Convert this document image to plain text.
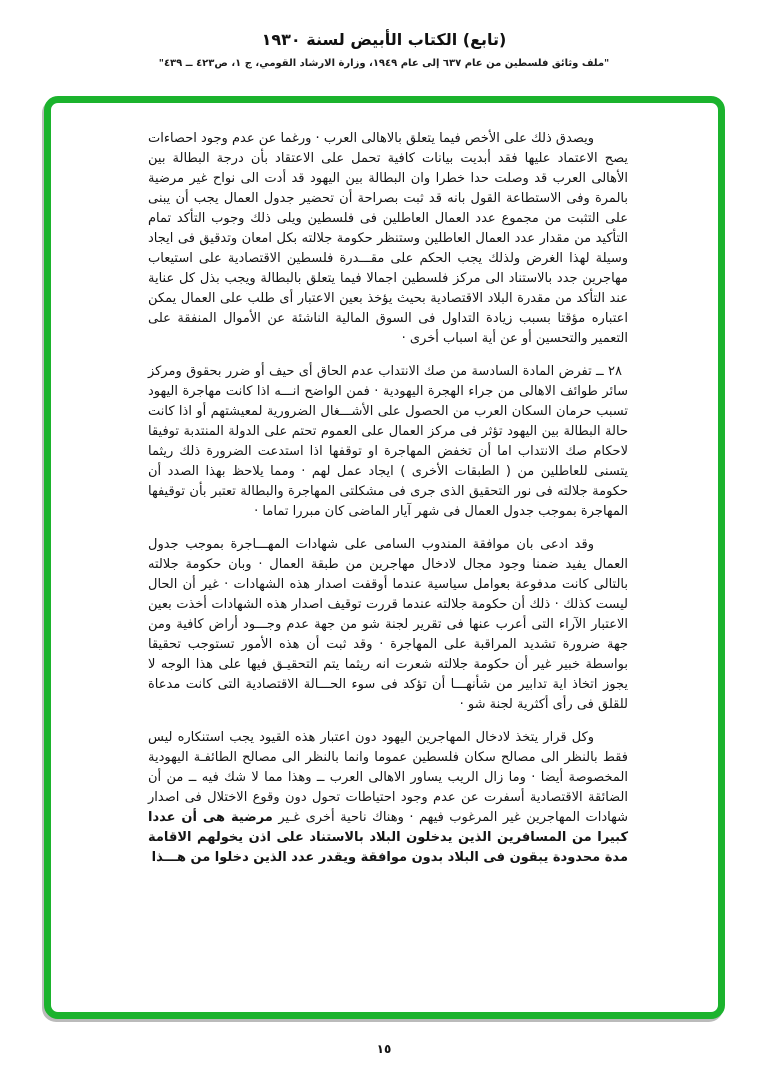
(تابع) الكتاب الأبيض لسنة ١٩٣٠
"ملف وثائق فلسطين من عام ٦٣٧ إلى عام ١٩٤٩، وزارة الارشاد القومي، ج ١، ص٤٢٣ ــ ٤٣٩"

ويصدق ذلك على الأخص فيما يتعلق بالاهالى العرب · ورغما عن عدم وجود احصاءات يصح الاعتماد عليها فقد أبديت بيانات كافية تحمل على الاعتقاد بأن درجة البطالة بين الأهالى العرب قد وصلت حدا خطرا وان البطالة بين اليهود قد أدت الى نواح غير مرضية بالمرة وفى الاستطاعة القول بانه قد ثبت بصراحة أن تحضير جدول العمال يجب أن يبنى على التثبت من مجموع عدد العمال العاطلين فى فلسطين ويلى ذلك وجوب التأكد تمام التأكيد من مقدار عدد العمال العاطلين وستنظر حكومة جلالته بكل امعان وتدقيق فى ايجاد وسيلة لهذا الغرض ولذلك يجب الحكم على مقـــدرة فلسطين الاقتصادية على استيعاب مهاجرين جدد بالاستناد الى مركز فلسطين اجمالا فيما يتعلق بالبطالة ويجب بذل كل عناية عند التأكد من مقدرة البلاد الاقتصادية بحيث يؤخذ بعين الاعتبار أى طلب على العمال يمكن اعتباره مؤقتا بسبب زيادة التداول فى السوق المالية الناشئة عن الأموال المنفقة على التعمير والتحسين أو عن أية اسباب أخرى ·

٢٨ ــ تفرض المادة السادسة من صك الانتداب عدم الحاق أى حيف أو ضرر بحقوق ومركز سائر طوائف الاهالى من جراء الهجرة اليهودية · فمن الواضح انـــه اذا كانت مهاجرة اليهود تسبب حرمان السكان العرب من الحصول على الأشـــغال الضرورية لمعيشتهم أو اذا كانت حالة البطالة بين اليهود تؤثر فى مركز العمال على العموم تحتم على الدولة المنتدبة توفيقا لاحكام صك الانتداب اما أن تخفض المهاجرة او توقفها اذا استدعت الضرورة ذلك ريثما يتسنى للعاطلين من ( الطبقات الأخرى ) ايجاد عمل لهم · ومما يلاحظ بهذا الصدد أن حكومة جلالته فى نور التحقيق الذى جرى فى مشكلتى المهاجرة والبطالة تعتبر بأن توقيفها المهاجرة بموجب جدول العمال فى شهر آيار الماضى كان مبررا تماما ·

وقد ادعى بان موافقة المندوب السامى على شهادات المهـــاجرة بموجب جدول العمال يفيد ضمنا وجود مجال لادخال مهاجرين من طبقة العمال · وبان حكومة جلالته بالتالى كانت مدفوعة بعوامل سياسية عندما أوقفت اصدار هذه الشهادات · غير أن الحال ليست كذلك · ذلك أن حكومة جلالته عندما قررت توقيف اصدار هذه الشهادات أخذت بعين الاعتبار الآراء التى أعرب عنها فى تقرير لجنة شو من جهة عدم وجـــود أراض كافية ومن جهة ضرورة تشديد المراقبة على المهاجرة · وقد ثبت أن هذه الأمور تستوجب تحقيقا بواسطة خبير غير أن حكومة جلالته شعرت انه ريثما يتم التحقيـق فيها على هذا الوجه لا يجوز اتخاذ اية تدابير من شأنهـــا أن تؤكد فى سوء الحـــالة الاقتصادية التى كانت مدعاة للقلق فى رأى أكثرية لجنة شو ·

وكل قرار يتخذ لادخال المهاجرين اليهود دون اعتبار هذه القيود يجب استنكاره ليس فقط بالنظر الى مصالح سكان فلسطين عموما وانما بالنظر الى مصالح الطائفـة اليهودية المخصوصة أيضا · وما زال الريب يساور الاهالى العرب ــ وهذا مما لا شك فيه ــ من أن الضائقة الاقتصادية أسفرت عن عدم وجود احتياطات تحول دون وقوع الاختلال فى اصدار شهادات المهاجرين غير المرغوب فيهم · وهناك ناحية أخرى غـير مرضية هى أن عددا كبيرا من المسافرين الذين يدخلون البلاد بالاستناد على اذن يخولهم الاقامة مدة محدودة يبقون فى البلاد بدون موافقة ويقدر عدد الذين دخلوا من هـــذا

١٥
